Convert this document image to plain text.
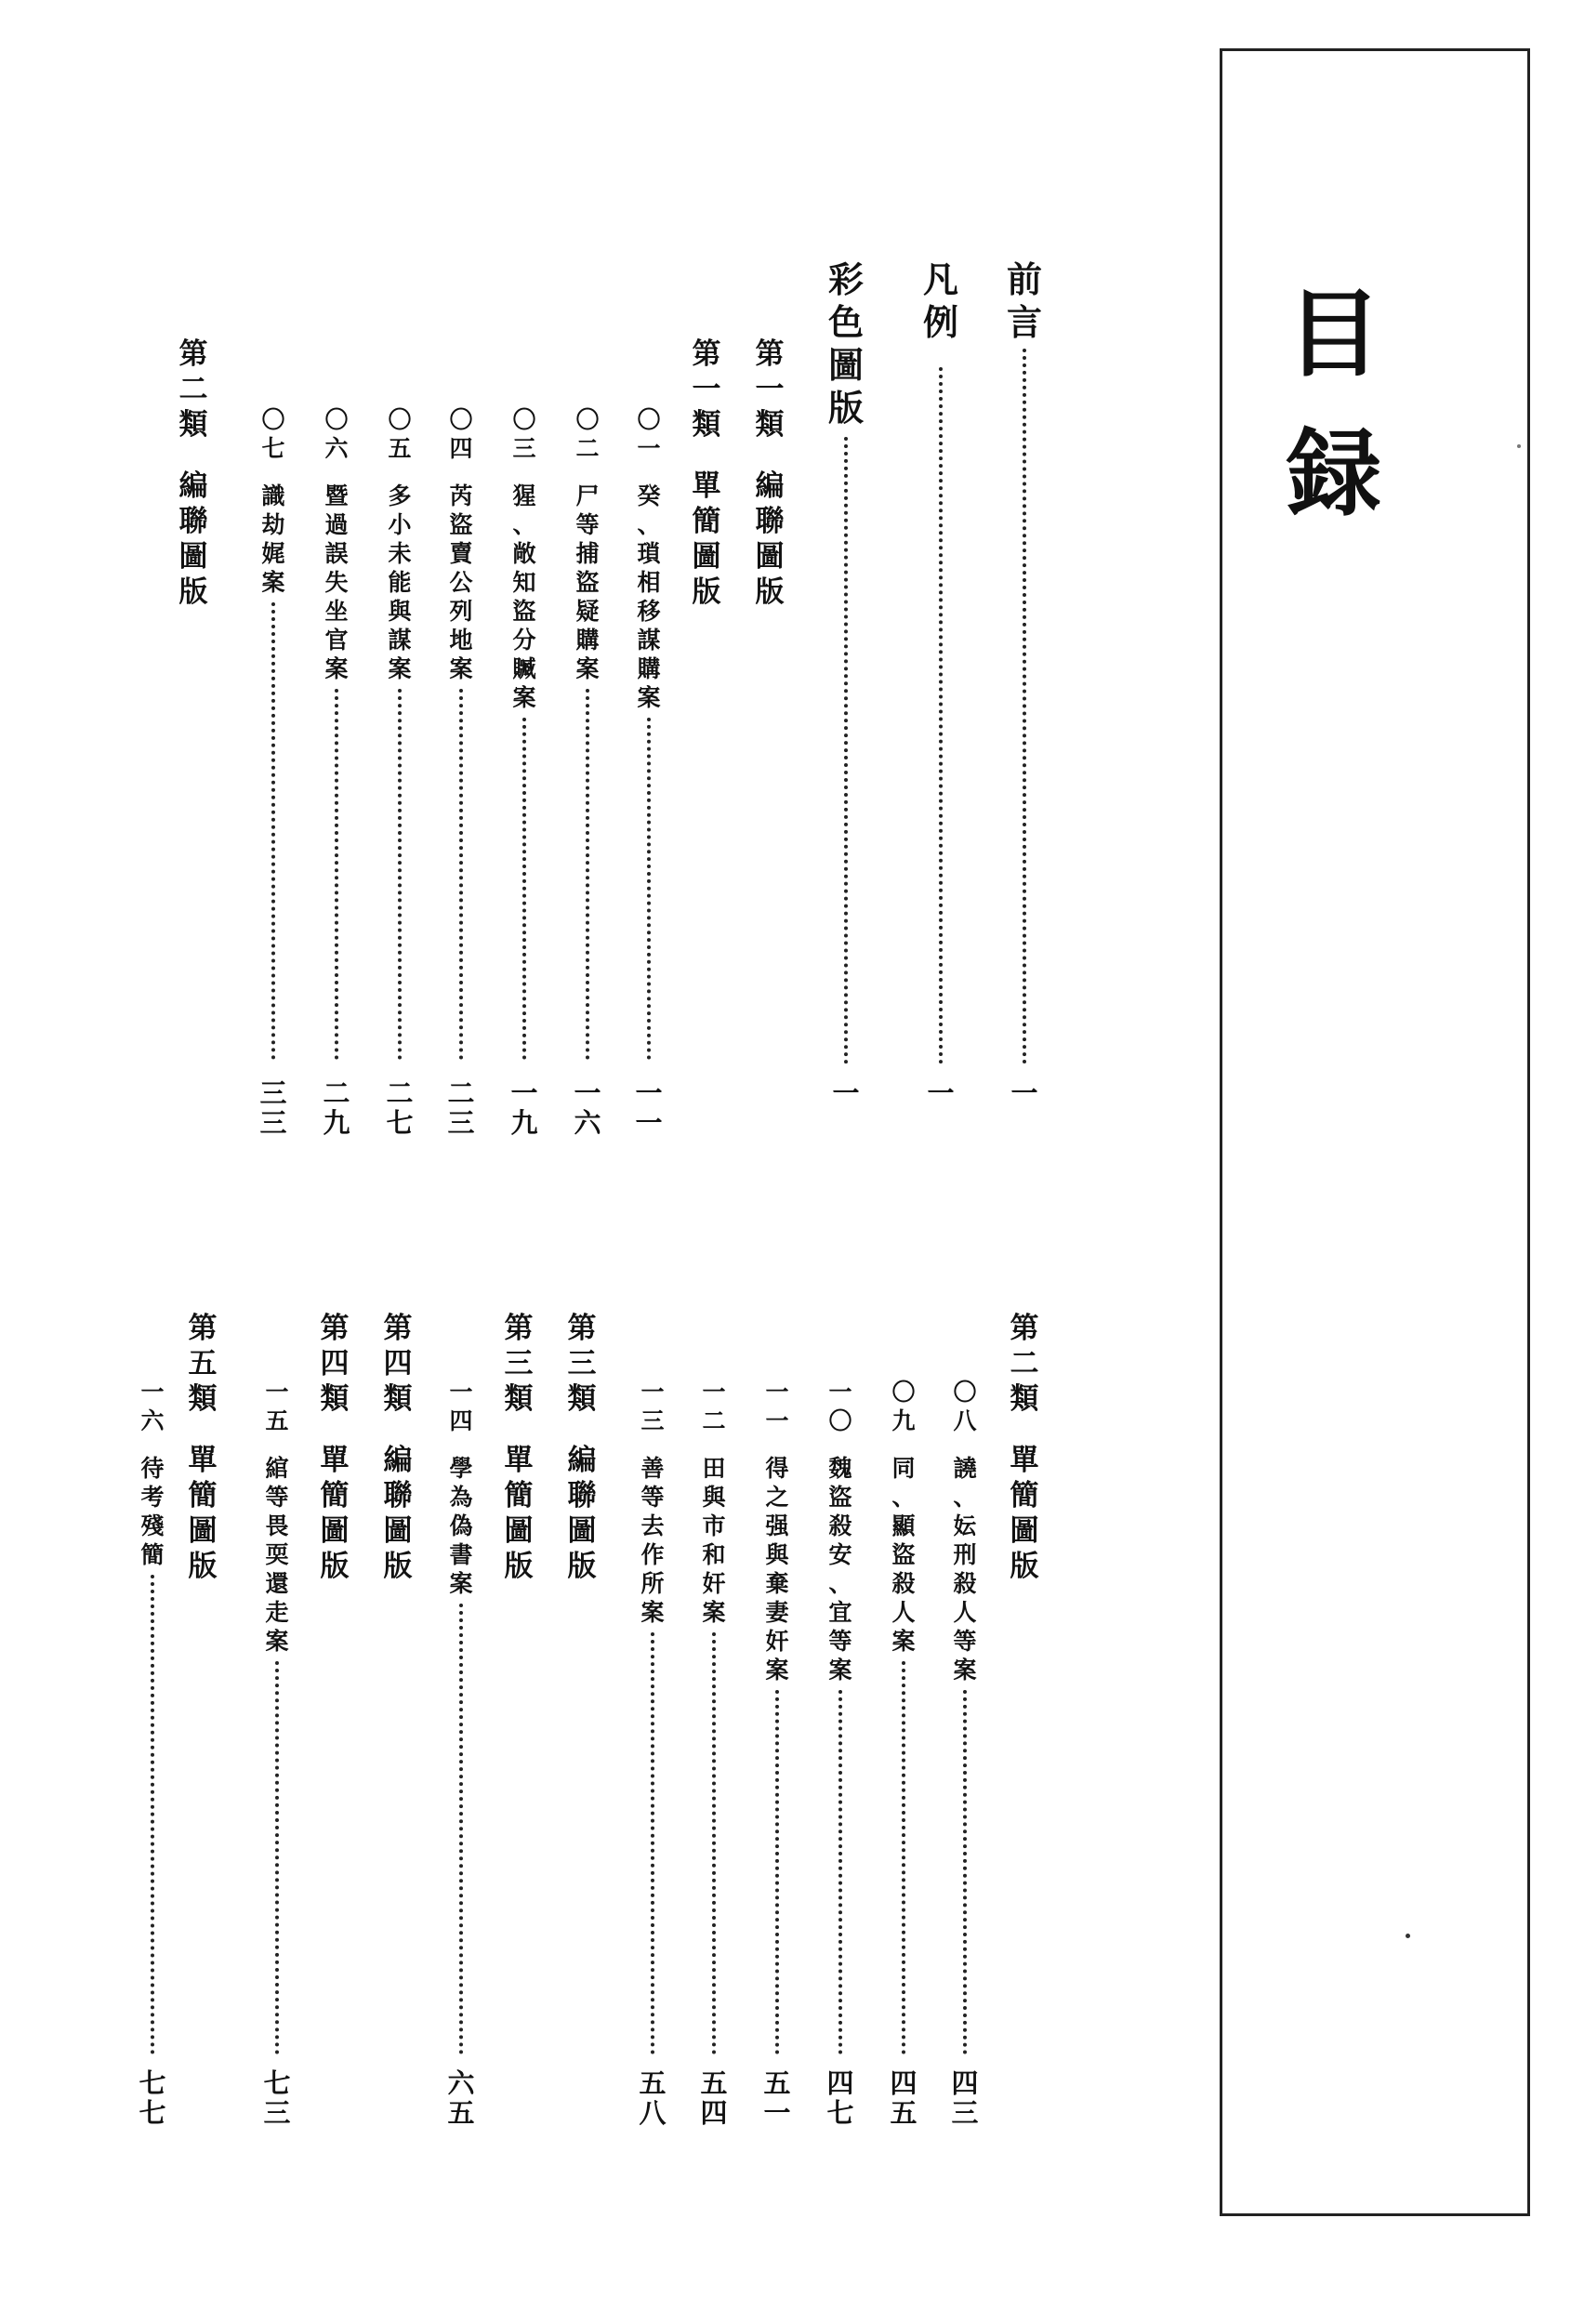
目
録
前
言
一
凡
例
一
彩
色
圖
版
一
第
一
類
編
聯
圖
版
第
一
類
單
簡
圖
版
〇
一
癸
、
瑣
相
移
謀
購
案
一
一
〇
二
尸
等
捕
盜
疑
購
案
一
六
〇
三
猩
、
敞
知
盜
分
贓
案
一
九
〇
四
芮
盜
賣
公
列
地
案
二
三
〇
五
多
小
未
能
與
謀
案
二
七
〇
六
暨
過
誤
失
坐
官
案
二
九
〇
七
識
劫
娓
案
三
三
第
二
類
編
聯
圖
版
第
二
類
單
簡
圖
版
〇
八
譊
、
妘
刑
殺
人
等
案
四
三
〇
九
同
、
顯
盜
殺
人
案
四
五
一
〇
魏
盜
殺
安
、
宜
等
案
四
七
一
一
得
之
强
與
棄
妻
奸
案
五
一
一
二
田
與
市
和
奸
案
五
四
一
三
善
等
去
作
所
案
五
八
第
三
類
編
聯
圖
版
第
三
類
單
簡
圖
版
一
四
學
為
偽
書
案
六
五
第
四
類
編
聯
圖
版
第
四
類
單
簡
圖
版
一
五
綰
等
畏
耎
還
走
案
七
三
第
五
類
單
簡
圖
版
一
六
待
考
殘
簡
七
七
